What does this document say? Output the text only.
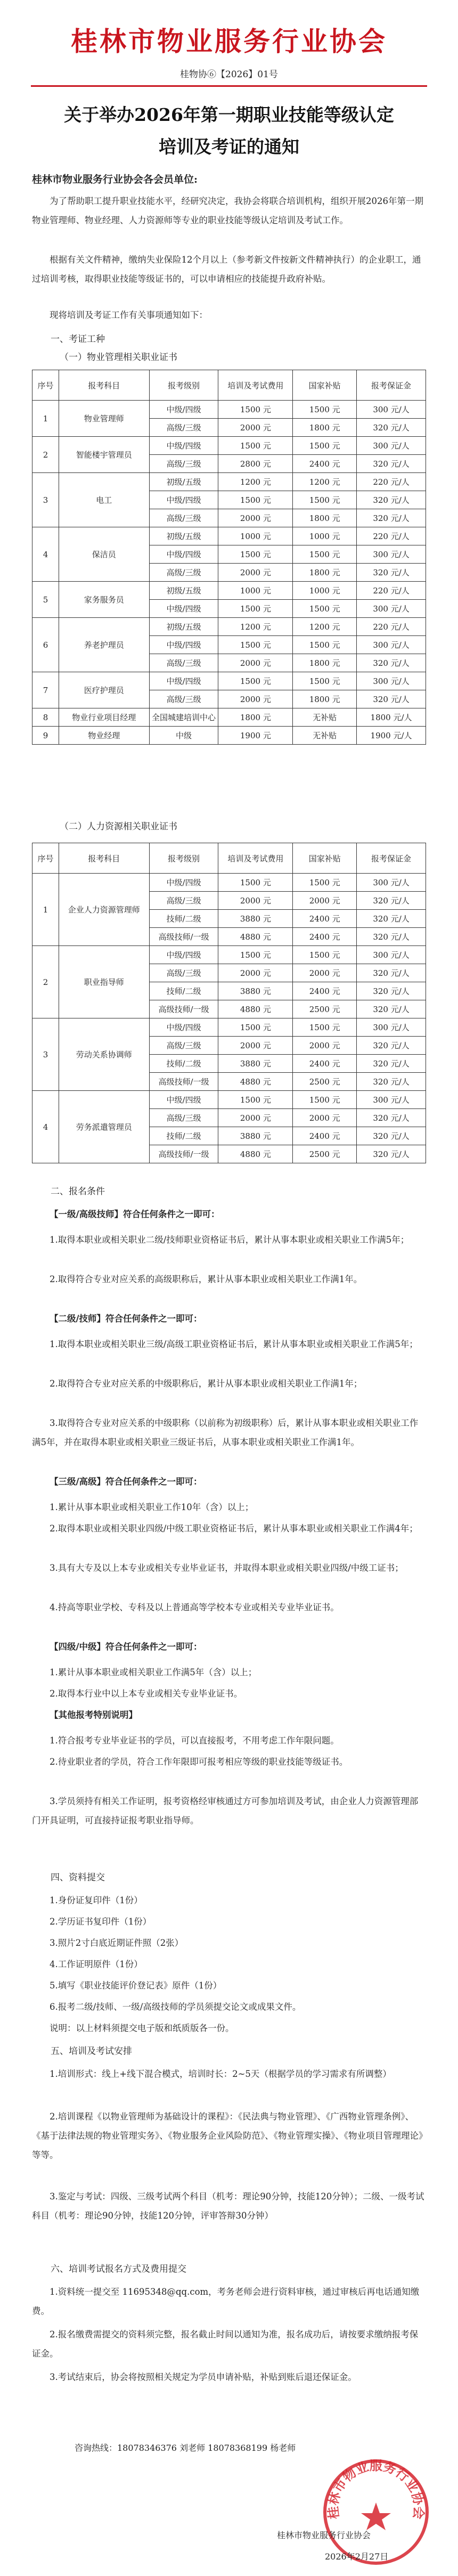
桂林市物业服务行业协会
桂物协⑥【2026】01号
关于举办2026年第一期职业技能等级认定
培训及考证的通知
桂林市物业服务行业协会各会员单位:
为了帮助职工提升职业技能水平，经研究决定，我协会将联合培训机构，组织开展2026年第一期物业管理师、物业经理、人力资源师等专业的职业技能等级认定培训及考试工作。
根据有关文件精神，缴纳失业保险12个月以上（参考新文件按新文件精神执行）的企业职工，通过培训考核，取得职业技能等级证书的，可以申请相应的技能提升政府补贴。
现将培训及考证工作有关事项通知如下：
一、考证工种
（一）物业管理相关职业证书
序号	报考科目	报考级别	培训及考试费用	国家补贴	报考保证金
1	物业管理师	中级/四级	1500 元	1500 元	300 元/人
		高级/三级	2000 元	1800 元	320 元/人
2	智能楼宇管理员	中级/四级	1500 元	1500 元	300 元/人
		高级/三级	2800 元	2400 元	320 元/人
3	电工	初级/五级	1200 元	1200 元	220 元/人
		中级/四级	1500 元	1500 元	320 元/人
		高级/三级	2000 元	1800 元	320 元/人
4	保洁员	初级/五级	1000 元	1000 元	220 元/人
		中级/四级	1500 元	1500 元	300 元/人
		高级/三级	2000 元	1800 元	320 元/人
5	家务服务员	初级/五级	1000 元	1000 元	220 元/人
		中级/四级	1500 元	1500 元	300 元/人
6	养老护理员	初级/五级	1200 元	1200 元	220 元/人
		中级/四级	1500 元	1500 元	300 元/人
		高级/三级	2000 元	1800 元	320 元/人
7	医疗护理员	中级/四级	1500 元	1500 元	300 元/人
		高级/三级	2000 元	1800 元	320 元/人
8	物业行业项目经理	全国城建培训中心	1800 元	无补贴	1800 元/人
9	物业经理	中级	1900 元	无补贴	1900 元/人
（二）人力资源相关职业证书
序号	报考科目	报考级别	培训及考试费用	国家补贴	报考保证金
1	企业人力资源管理师	中级/四级	1500 元	1500 元	300 元/人
		高级/三级	2000 元	2000 元	320 元/人
		技师/二级	3880 元	2400 元	320 元/人
		高级技师/一级	4880 元	2400 元	320 元/人
2	职业指导师	中级/四级	1500 元	1500 元	300 元/人
		高级/三级	2000 元	2000 元	320 元/人
		技师/二级	3880 元	2400 元	320 元/人
		高级技师/一级	4880 元	2500 元	320 元/人
3	劳动关系协调师	中级/四级	1500 元	1500 元	300 元/人
		高级/三级	2000 元	2000 元	320 元/人
		技师/二级	3880 元	2400 元	320 元/人
		高级技师/一级	4880 元	2500 元	320 元/人
4	劳务派遣管理员	中级/四级	1500 元	1500 元	300 元/人
		高级/三级	2000 元	2000 元	320 元/人
		技师/二级	3880 元	2400 元	320 元/人
		高级技师/一级	4880 元	2500 元	320 元/人
二、报名条件
【一级/高级技师】符合任何条件之一即可：
1.取得本职业或相关职业二级/技师职业资格证书后，累计从事本职业或相关职业工作满5年；
2.取得符合专业对应关系的高级职称后，累计从事本职业或相关职业工作满1年。
【二级/技师】符合任何条件之一即可：
1.取得本职业或相关职业三级/高级工职业资格证书后，累计从事本职业或相关职业工作满5年；
2.取得符合专业对应关系的中级职称后，累计从事本职业或相关职业工作满1年；
3.取得符合专业对应关系的中级职称（以前称为初级职称）后，累计从事本职业或相关职业工作满5年，并在取得本职业或相关职业三级证书后，从事本职业或相关职业工作满1年。
【三级/高级】符合任何条件之一即可：
1.累计从事本职业或相关职业工作10年（含）以上；
2.取得本职业或相关职业四级/中级工职业资格证书后，累计从事本职业或相关职业工作满4年；
3.具有大专及以上本专业或相关专业毕业证书，并取得本职业或相关职业四级/中级工证书；
4.持高等职业学校、专科及以上普通高等学校本专业或相关专业毕业证书。
【四级/中级】符合任何条件之一即可：
1.累计从事本职业或相关职业工作满5年（含）以上；
2.取得本行业中以上本专业或相关专业毕业证书。
【其他报考特别说明】
1.符合报考专业毕业证书的学员，可以直接报考，不用考虑工作年限问题。
2.待业职业者的学员，符合工作年限即可报考相应等级的职业技能等级证书。
3.学员须持有相关工作证明，报考资格经审核通过方可参加培训及考试，由企业人力资源管理部门开具证明，可直接持证报考职业指导师。
四、资料提交
1.身份证复印件（1份）
2.学历证书复印件（1份）
3.照片2寸白底近期证件照（2张）
4.工作证明原件（1份）
5.填写《职业技能评价登记表》原件（1份）
6.报考二级/技师、一级/高级技师的学员须提交论文或成果文件。
说明：以上材料须提交电子版和纸质版各一份。
五、培训及考试安排
1.培训形式：线上+线下混合模式，培训时长：2~5天（根据学员的学习需求有所调整）
2.培训课程《以物业管理师为基础设计的课程》：《民法典与物业管理》、《广西物业管理条例》、《基于法律法规的物业管理实务》、《物业服务企业风险防范》、《物业管理实操》、《物业项目管理理论》等等。
3.鉴定与考试：四级、三级考试两个科目（机考：理论90分钟，技能120分钟）；二级、一级考试科目（机考：理论90分钟，技能120分钟，评审答辩30分钟）
六、培训考试报名方式及费用提交
1.资料统一提交至 11695348@qq.com，考务老师会进行资料审核，通过审核后再电话通知缴费。
2.报名缴费需提交的资料须完整，报名截止时间以通知为准，报名成功后，请按要求缴纳报考保证金。
3.考试结束后，协会将按照相关规定为学员申请补贴，补贴到账后退还保证金。
咨询热线：18078346376 刘老师 18078368199 杨老师
桂林市物业服务行业协会
桂林市物业服务行业协会
2026年2月27日
